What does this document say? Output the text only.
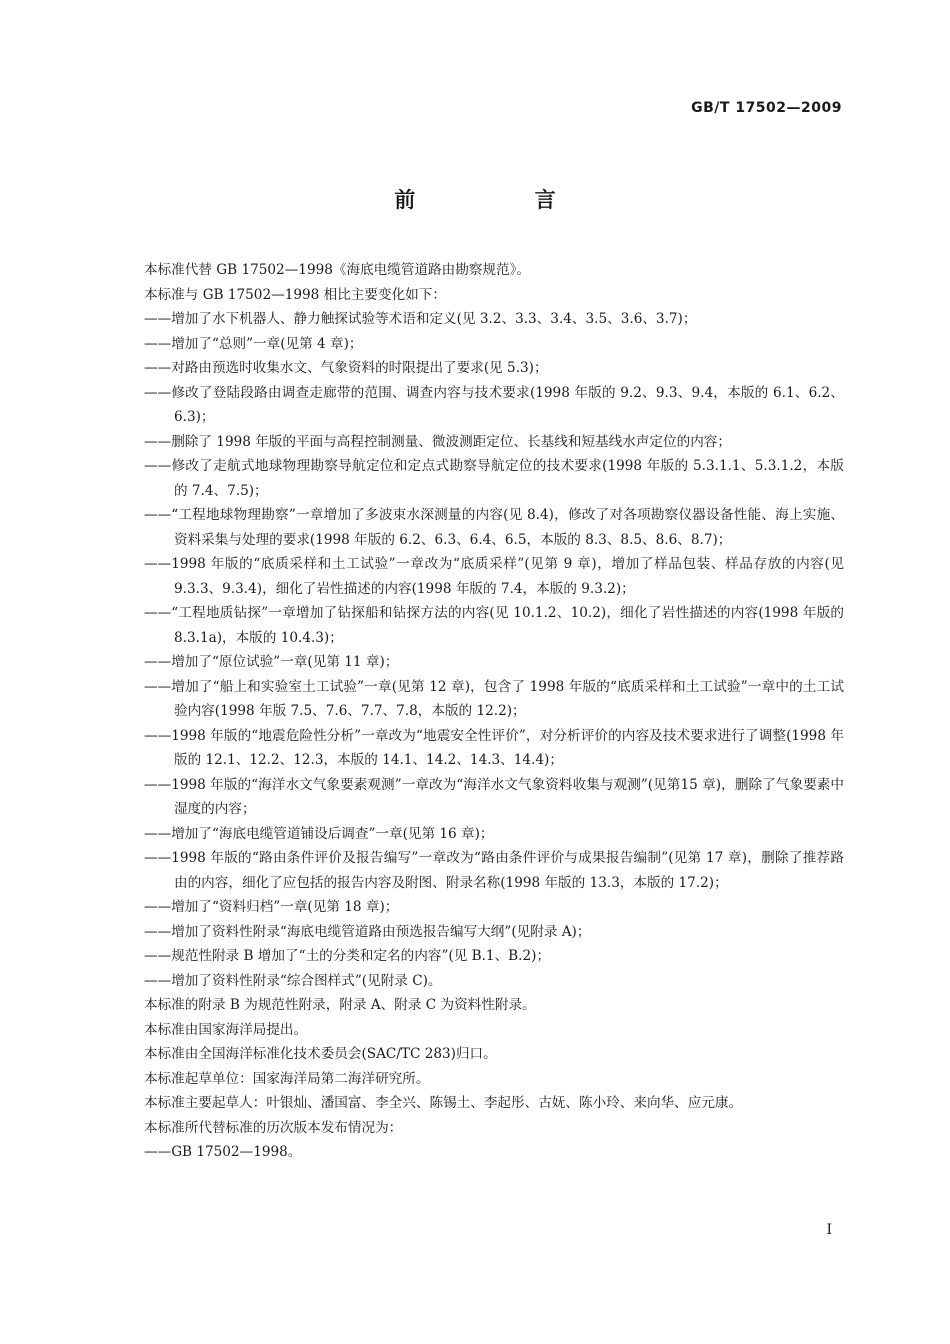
GB/T 17502—2009
前 言

本标准代替 GB 17502—1998《海底电缆管道路由勘察规范》。

本标准与 GB 17502—1998 相比主要变化如下：

——增加了水下机器人、静力触探试验等术语和定义(见 3.2、3.3、3.4、3.5、3.6、3.7)；

——增加了“总则”一章(见第 4 章)；

——对路由预选时收集水文、气象资料的时限提出了要求(见 5.3)；

——修改了登陆段路由调查走廊带的范围、调查内容与技术要求(1998 年版的 9.2、9.3、9.4，本版的 6.1、6.2、6.3)；

——删除了 1998 年版的平面与高程控制测量、微波测距定位、长基线和短基线水声定位的内容；

——修改了走航式地球物理勘察导航定位和定点式勘察导航定位的技术要求(1998 年版的 5.3.1.1、5.3.1.2，本版的 7.4、7.5)；

——“工程地球物理勘察”一章增加了多波束水深测量的内容(见 8.4)，修改了对各项勘察仪器设备性能、海上实施、资料采集与处理的要求(1998 年版的 6.2、6.3、6.4、6.5，本版的 8.3、8.5、8.6、8.7)；

——1998 年版的“底质采样和土工试验”一章改为“底质采样”(见第 9 章)，增加了样品包装、样品存放的内容(见 9.3.3、9.3.4)，细化了岩性描述的内容(1998 年版的 7.4，本版的 9.3.2)；

——“工程地质钻探”一章增加了钻探船和钻探方法的内容(见 10.1.2、10.2)，细化了岩性描述的内容(1998 年版的 8.3.1a)，本版的 10.4.3)；

——增加了“原位试验”一章(见第 11 章)；

——增加了“船上和实验室土工试验”一章(见第 12 章)，包含了 1998 年版的“底质采样和土工试验”一章中的土工试验内容(1998 年版 7.5、7.6、7.7、7.8，本版的 12.2)；

——1998 年版的“地震危险性分析”一章改为“地震安全性评价”，对分析评价的内容及技术要求进行了调整(1998 年版的 12.1、12.2、12.3，本版的 14.1、14.2、14.3、14.4)；

——1998 年版的“海洋水文气象要素观测”一章改为“海洋水文气象资料收集与观测”(见第15 章)，删除了气象要素中湿度的内容；

——增加了“海底电缆管道铺设后调查”一章(见第 16 章)；

——1998 年版的“路由条件评价及报告编写”一章改为“路由条件评价与成果报告编制”(见第 17 章)，删除了推荐路由的内容，细化了应包括的报告内容及附图、附录名称(1998 年版的 13.3，本版的 17.2)；

——增加了“资料归档”一章(见第 18 章)；

——增加了资料性附录“海底电缆管道路由预选报告编写大纲”(见附录 A)；

——规范性附录 B 增加了“土的分类和定名的内容”(见 B.1、B.2)；

——增加了资料性附录“综合图样式”(见附录 C)。

本标准的附录 B 为规范性附录，附录 A、附录 C 为资料性附录。

本标准由国家海洋局提出。

本标准由全国海洋标准化技术委员会(SAC/TC 283)归口。

本标准起草单位：国家海洋局第二海洋研究所。

本标准主要起草人：叶银灿、潘国富、李全兴、陈锡土、李起彤、古妩、陈小玲、来向华、应元康。

本标准所代替标准的历次版本发布情况为：

——GB 17502—1998。

I
